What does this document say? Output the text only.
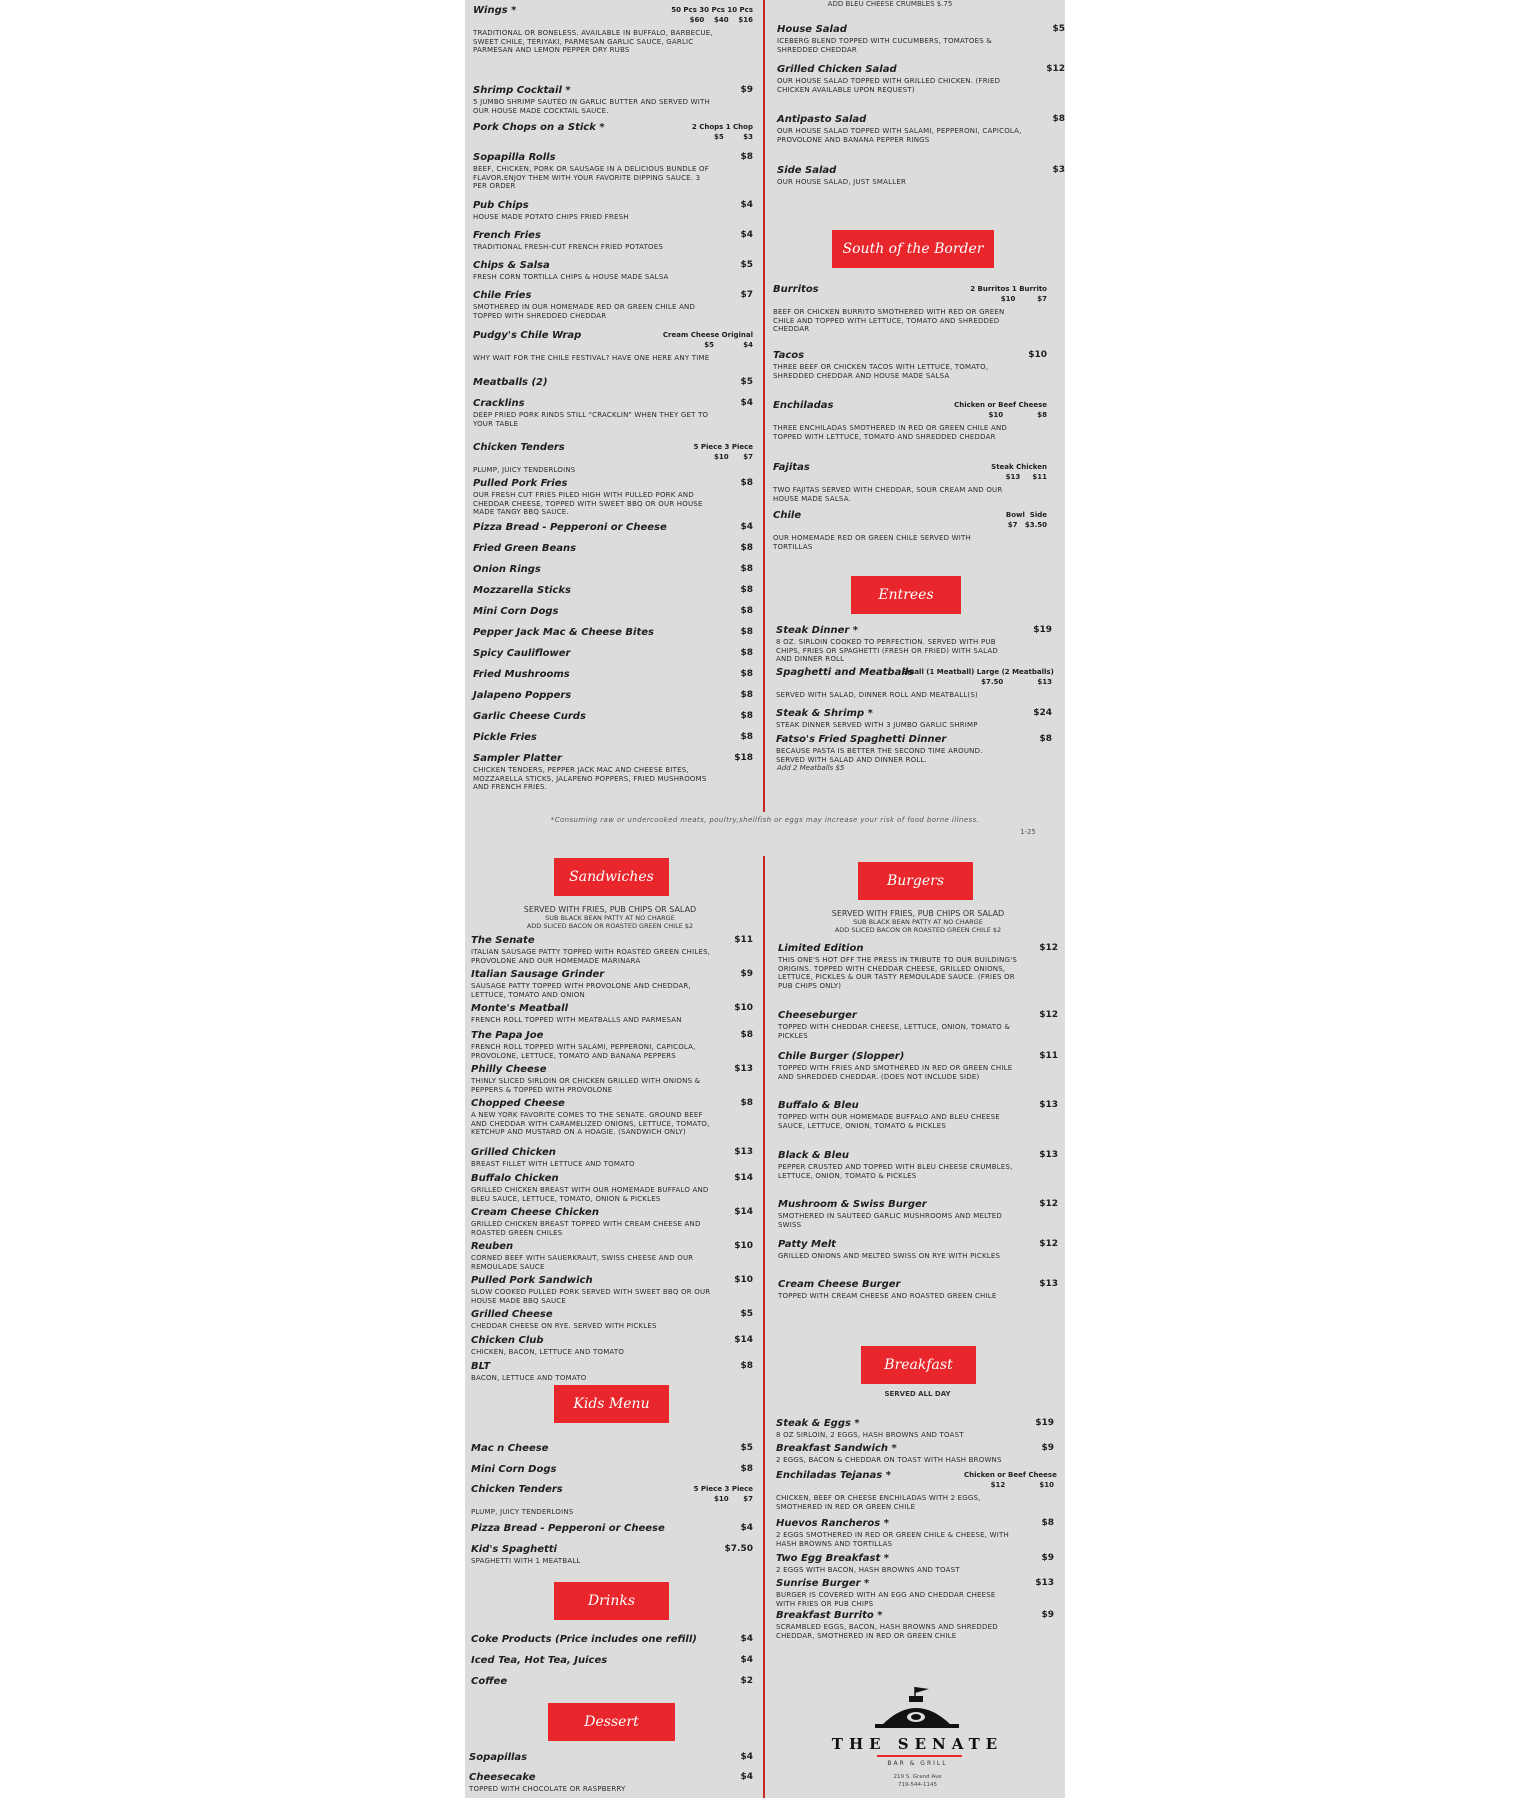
Wings *	50 Pcs 30 Pcs 10 Pcs
$60    $40    $16
TRADITIONAL OR BONELESS. AVAILABLE IN BUFFALO, BARBECUE, SWEET CHILE, TERIYAKI, PARMESAN GARLIC SAUCE, GARLIC PARMESAN AND LEMON PEPPER DRY RUBS
Shrimp Cocktail *	$9
5 JUMBO SHRIMP SAUTÉD IN GARLIC BUTTER AND SERVED WITH OUR HOUSE MADE COCKTAIL SAUCE.
Pork Chops on a Stick *	2 Chops 1 Chop
$5        $3
Sopapilla Rolls	$8
BEEF, CHICKEN, PORK OR SAUSAGE IN A DELICIOUS BUNDLE OF FLAVOR.ENJOY THEM WITH YOUR FAVORITE DIPPING SAUCE. 3 PER ORDER
Pub Chips	$4
HOUSE MADE POTATO CHIPS FRIED FRESH
French Fries	$4
TRADITIONAL FRESH-CUT FRENCH FRIED POTATOES
Chips & Salsa	$5
FRESH CORN TORTILLA CHIPS & HOUSE MADE SALSA
Chile Fries	$7
SMOTHERED IN OUR HOMEMADE RED OR GREEN CHILE AND TOPPED WITH SHREDDED CHEDDAR
Pudgy's Chile Wrap	Cream Cheese Original
$5            $4
WHY WAIT FOR THE CHILE FESTIVAL? HAVE ONE HERE ANY TIME
Meatballs (2)	$5
Cracklins	$4
DEEP FRIED PORK RINDS STILL "CRACKLIN" WHEN THEY GET TO YOUR TABLE
Chicken Tenders	5 Piece 3 Piece
$10      $7
PLUMP, JUICY TENDERLOINS
Pulled Pork Fries	$8
OUR FRESH CUT FRIES PILED HIGH WITH PULLED PORK AND CHEDDAR CHEESE, TOPPED WITH SWEET BBQ OR OUR HOUSE MADE TANGY BBQ SAUCE.
Pizza Bread - Pepperoni or Cheese	$4
Fried Green Beans	$8
Onion Rings	$8
Mozzarella Sticks	$8
Mini Corn Dogs	$8
Pepper Jack Mac & Cheese Bites	$8
Spicy Cauliflower	$8
Fried Mushrooms	$8
Jalapeno Poppers	$8
Garlic Cheese Curds	$8
Pickle Fries	$8
Sampler Platter	$18
CHICKEN TENDERS, PEPPER JACK MAC AND CHEESE BITES, MOZZARELLA STICKS, JALAPENO POPPERS, FRIED MUSHROOMS AND FRENCH FRIES.
ADD BLEU CHEESE CRUMBLES $.75
House Salad	$5
ICEBERG BLEND TOPPED WITH CUCUMBERS, TOMATOES & SHREDDED CHEDDAR
Grilled Chicken Salad	$12
OUR HOUSE SALAD TOPPED WITH GRILLED CHICKEN. (FRIED CHICKEN AVAILABLE UPON REQUEST)
Antipasto Salad	$8
OUR HOUSE SALAD TOPPED WITH SALAMI, PEPPERONI, CAPICOLA, PROVOLONE AND BANANA PEPPER RINGS
Side Salad	$3
OUR HOUSE SALAD, JUST SMALLER
South of the Border
Burritos	2 Burritos 1 Burrito
$10         $7
BEEF OR CHICKEN BURRITO SMOTHERED WITH RED OR GREEN CHILE AND TOPPED WITH LETTUCE, TOMATO AND SHREDDED CHEDDAR
Tacos	$10
THREE BEEF OR CHICKEN TACOS WITH LETTUCE, TOMATO, SHREDDED CHEDDAR AND HOUSE MADE SALSA
Enchiladas	Chicken or Beef Cheese
$10              $8
THREE ENCHILADAS SMOTHERED IN RED OR GREEN CHILE AND TOPPED WITH LETTUCE, TOMATO AND SHREDDED CHEDDAR
Fajitas	Steak Chicken
$13     $11
TWO FAJITAS SERVED WITH CHEDDAR, SOUR CREAM AND OUR HOUSE MADE SALSA.
Chile	Bowl  Side
$7   $3.50
OUR HOMEMADE RED OR GREEN CHILE SERVED WITH TORTILLAS
Entrees
Steak Dinner *	$19
8 OZ. SIRLOIN COOKED TO PERFECTION. SERVED WITH PUB CHIPS, FRIES OR SPAGHETTI (FRESH OR FRIED) WITH SALAD AND DINNER ROLL
Spaghetti and Meatballs
Small (1 Meatball) Large (2 Meatballs)
$7.50              $13
SERVED WITH SALAD, DINNER ROLL AND MEATBALL(S)
Steak & Shrimp *	$24
STEAK DINNER SERVED WITH 3 JUMBO GARLIC SHRIMP
Fatso's Fried Spaghetti Dinner	$8
BECAUSE PASTA IS BETTER THE SECOND TIME AROUND. SERVED WITH SALAD AND DINNER ROLL.
Add 2 Meatballs $5
*Consuming raw or undercooked meats, poultry,shellfish or eggs may increase your risk of food borne illness.
1-25
Sandwiches
SERVED WITH FRIES, PUB CHIPS OR SALAD
SUB BLACK BEAN PATTY AT NO CHARGE
ADD SLICED BACON OR ROASTED GREEN CHILE $2
The Senate	$11
ITALIAN SAUSAGE PATTY TOPPED WITH ROASTED GREEN CHILES, PROVOLONE AND OUR HOMEMADE MARINARA
Italian Sausage Grinder	$9
SAUSAGE PATTY TOPPED WITH PROVOLONE AND CHEDDAR, LETTUCE, TOMATO AND ONION
Monte's Meatball	$10
FRENCH ROLL TOPPED WITH MEATBALLS AND PARMESAN
The Papa Joe	$8
FRENCH ROLL TOPPED WITH SALAMI, PEPPERONI, CAPICOLA, PROVOLONE, LETTUCE, TOMATO AND BANANA PEPPERS
Philly Cheese	$13
THINLY SLICED SIRLOIN OR CHICKEN GRILLED WITH ONIONS & PEPPERS & TOPPED WITH PROVOLONE
Chopped Cheese	$8
A NEW YORK FAVORITE COMES TO THE SENATE. GROUND BEEF AND CHEDDAR WITH CARAMELIZED ONIONS, LETTUCE, TOMATO, KETCHUP AND MUSTARD ON A HOAGIE. (SANDWICH ONLY)
Grilled Chicken	$13
BREAST FILLET WITH LETTUCE AND TOMATO
Buffalo Chicken	$14
GRILLED CHICKEN BREAST WITH OUR HOMEMADE BUFFALO AND BLEU SAUCE, LETTUCE, TOMATO, ONION & PICKLES
Cream Cheese Chicken	$14
GRILLED CHICKEN BREAST TOPPED WITH CREAM CHEESE AND ROASTED GREEN CHILES
Reuben	$10
CORNED BEEF WITH SAUERKRAUT, SWISS CHEESE AND OUR REMOULADE SAUCE
Pulled Pork Sandwich	$10
SLOW COOKED PULLED PORK SERVED WITH SWEET BBQ OR OUR HOUSE MADE BBQ SAUCE
Grilled Cheese	$5
CHEDDAR CHEESE ON RYE. SERVED WITH PICKLES
Chicken Club	$14
CHICKEN, BACON, LETTUCE AND TOMATO
BLT	$8
BACON, LETTUCE AND TOMATO
Burgers
SERVED WITH FRIES, PUB CHIPS OR SALAD
SUB BLACK BEAN PATTY AT NO CHARGE
ADD SLICED BACON OR ROASTED GREEN CHILE $2
Limited Edition	$12
THIS ONE'S HOT OFF THE PRESS IN TRIBUTE TO OUR BUILDING'S ORIGINS. TOPPED WITH CHEDDAR CHEESE, GRILLED ONIONS, LETTUCE, PICKLES & OUR TASTY REMOULADE SAUCE. (FRIES OR PUB CHIPS ONLY)
Cheeseburger	$12
TOPPED WITH CHEDDAR CHEESE, LETTUCE, ONION, TOMATO & PICKLES
Chile Burger (Slopper)	$11
TOPPED WITH FRIES AND SMOTHERED IN RED OR GREEN CHILE AND SHREDDED CHEDDAR. (DOES NOT INCLUDE SIDE)
Buffalo & Bleu	$13
TOPPED WITH OUR HOMEMADE BUFFALO AND BLEU CHEESE SAUCE, LETTUCE, ONION, TOMATO & PICKLES
Black & Bleu	$13
PEPPER CRUSTED AND TOPPED WITH BLEU CHEESE CRUMBLES, LETTUCE, ONION, TOMATO & PICKLES
Mushroom & Swiss Burger	$12
SMOTHERED IN SAUTEED GARLIC MUSHROOMS AND MELTED SWISS
Patty Melt	$12
GRILLED ONIONS AND MELTED SWISS ON RYE WITH PICKLES
Cream Cheese Burger	$13
TOPPED WITH CREAM CHEESE AND ROASTED GREEN CHILE
Kids Menu
Mac n Cheese	$5
Mini Corn Dogs	$8
Chicken Tenders	5 Piece 3 Piece
$10      $7
PLUMP, JUICY TENDERLOINS
Pizza Bread - Pepperoni or Cheese	$4
Kid's Spaghetti	$7.50
SPAGHETTI WITH 1 MEATBALL
Drinks
Coke Products (Price includes one refill)	$4
Iced Tea, Hot Tea, Juices	$4
Coffee	$2
Dessert
Sopapillas	$4
Cheesecake	$4
TOPPED WITH CHOCOLATE OR RASPBERRY
Breakfast
SERVED ALL DAY
Steak & Eggs *	$19
8 OZ SIRLOIN, 2 EGGS, HASH BROWNS AND TOAST
Breakfast Sandwich *	$9
2 EGGS, BACON & CHEDDAR ON TOAST WITH HASH BROWNS
Enchiladas Tejanas *	Chicken or Beef Cheese
$12              $10
CHICKEN, BEEF OR CHEESE ENCHILADAS WITH 2 EGGS, SMOTHERED IN RED OR GREEN CHILE
Huevos Rancheros *	$8
2 EGGS SMOTHERED IN RED OR GREEN CHILE & CHEESE, WITH HASH BROWNS AND TORTILLAS
Two Egg Breakfast *	$9
2 EGGS WITH BACON, HASH BROWNS AND TOAST
Sunrise Burger *	$13
BURGER IS COVERED WITH AN EGG AND CHEDDAR CHEESE WITH FRIES OR PUB CHIPS
Breakfast Burrito *	$9
SCRAMBLED EGGS, BACON, HASH BROWNS AND SHREDDED CHEDDAR, SMOTHERED IN RED OR GREEN CHILE
THE SENATE
BAR & GRILL
219 S. Grand Ave
719-544-1145
